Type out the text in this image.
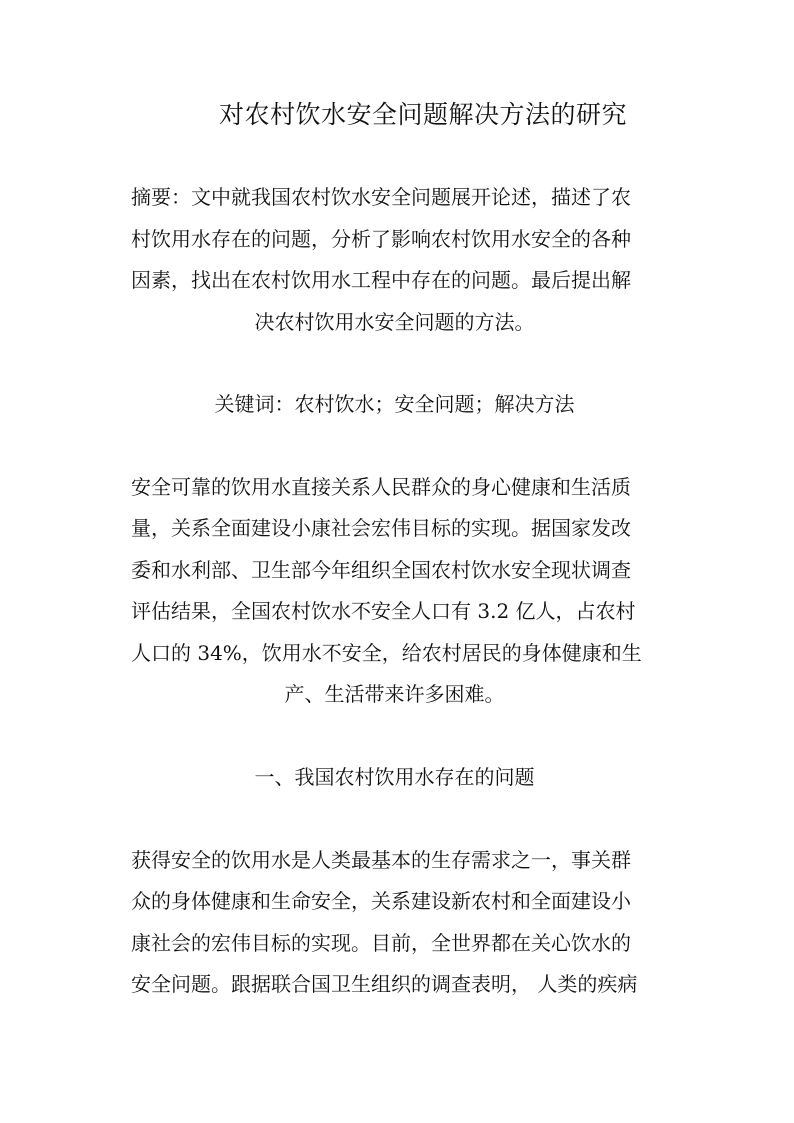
对农村饮水安全问题解决方法的研究

摘要：文中就我国农村饮水安全问题展开论述，描述了农

村饮用水存在的问题，分析了影响农村饮用水安全的各种

因素，找出在农村饮用水工程中存在的问题。最后提出解

决农村饮用水安全问题的方法。

关键词：农村饮水；安全问题；解决方法

安全可靠的饮用水直接关系人民群众的身心健康和生活质

量，关系全面建设小康社会宏伟目标的实现。据国家发改

委和水利部、卫生部今年组织全国农村饮水安全现状调查

评估结果，全国农村饮水不安全人口有 3.2 亿人，占农村

人口的 34%，饮用水不安全，给农村居民的身体健康和生

产、生活带来许多困难。

一、我国农村饮用水存在的问题

获得安全的饮用水是人类最基本的生存需求之一，事关群

众的身体健康和生命安全，关系建设新农村和全面建设小

康社会的宏伟目标的实现。目前，全世界都在关心饮水的

安全问题。跟据联合国卫生组织的调查表明， 人类的疾病
